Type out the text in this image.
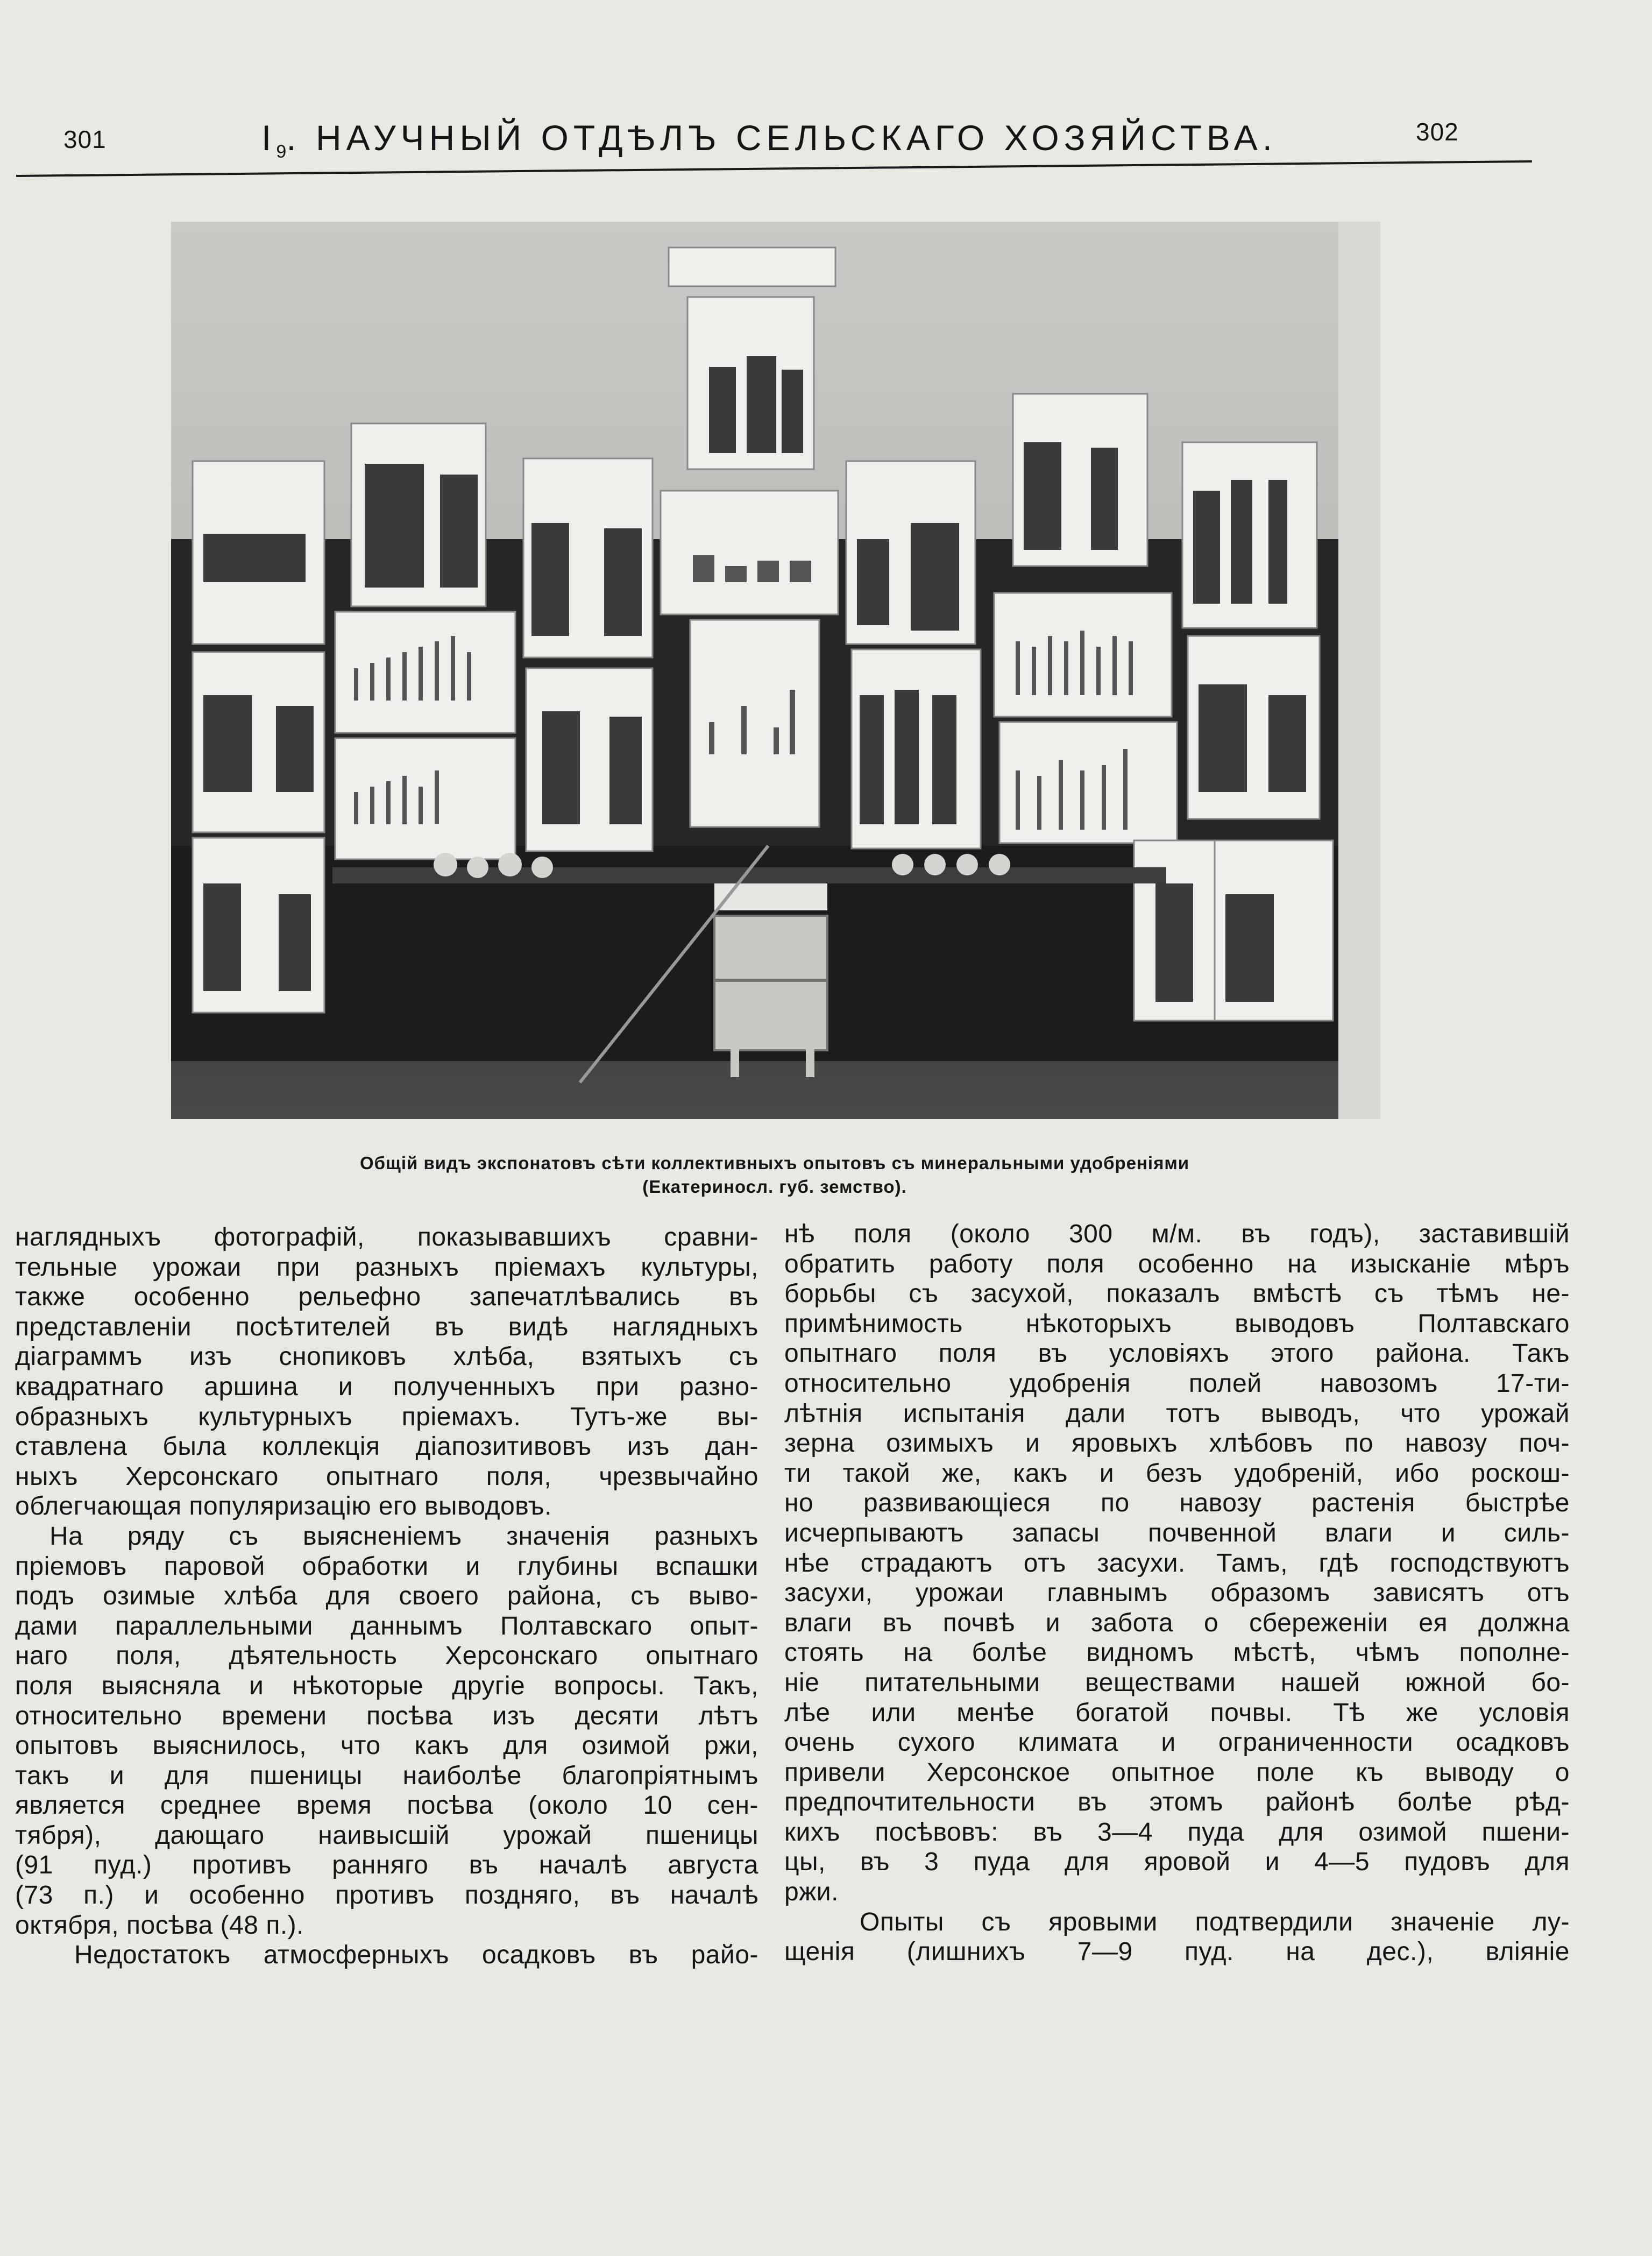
301	$I_9$. НАУЧНЫЙ ОТДѢЛЪ СЕЛЬСКАГО ХОЗЯЙСТВА.	302
Общій видъ экспонатовъ сѣти коллективныхъ опытовъ съ минеральными удобреніями
(Екатериносл. губ. земство).
наглядныхъ фотографій, показывавшихъ сравни-
тельные урожаи при разныхъ пріемахъ культуры,
также особенно рельефно запечатлѣвались въ
представленіи посѣтителей въ видѣ наглядныхъ
діаграммъ изъ снопиковъ хлѣба, взятыхъ съ
квадратнаго аршина и полученныхъ при разно-
образныхъ культурныхъ пріемахъ. Тутъ-же вы-
ставлена была коллекція діапозитивовъ изъ дан-
ныхъ Херсонскаго опытнаго поля, чрезвычайно
облегчающая популяризацію его выводовъ.
На ряду съ выясненіемъ значенія разныхъ
пріемовъ паровой обработки и глубины вспашки
подъ озимые хлѣба для своего района, съ выво-
дами параллельными даннымъ Полтавскаго опыт-
наго поля, дѣятельность Херсонскаго опытнаго
поля выясняла и нѣкоторые другіе вопросы. Такъ,
относительно времени посѣва изъ десяти лѣтъ
опытовъ выяснилось, что какъ для озимой ржи,
такъ и для пшеницы наиболѣе благопріятнымъ
является среднее время посѣва (около 10 сен-
тября), дающаго наивысшій урожай пшеницы
(91 пуд.) противъ ранняго въ началѣ августа
(73 п.) и особенно противъ поздняго, въ началѣ
октября, посѣва (48 п.).
Недостатокъ атмосферныхъ осадковъ въ райо-
нѣ поля (около 300 м/м. въ годъ), заставившій
обратить работу поля особенно на изысканіе мѣръ
борьбы съ засухой, показалъ вмѣстѣ съ тѣмъ не-
примѣнимость нѣкоторыхъ выводовъ Полтавскаго
опытнаго поля въ условіяхъ этого района. Такъ
относительно удобренія полей навозомъ 17-ти-
лѣтнія испытанія дали тотъ выводъ, что урожай
зерна озимыхъ и яровыхъ хлѣбовъ по навозу поч-
ти такой же, какъ и безъ удобреній, ибо роскош-
но развивающіеся по навозу растенія быстрѣе
исчерпываютъ запасы почвенной влаги и силь-
нѣе страдаютъ отъ засухи. Тамъ, гдѣ господствуютъ
засухи, урожаи главнымъ образомъ зависятъ отъ
влаги въ почвѣ и забота о сбереженіи ея должна
стоять на болѣе видномъ мѣстѣ, чѣмъ пополне-
ніе питательными веществами нашей южной бо-
лѣе или менѣе богатой почвы. Тѣ же условія
очень сухого климата и ограниченности осадковъ
привели Херсонское опытное поле къ выводу о
предпочтительности въ этомъ районѣ болѣе рѣд-
кихъ посѣвовъ: въ 3—4 пуда для озимой пшени-
цы, въ 3 пуда для яровой и 4—5 пудовъ для
ржи.
Опыты съ яровыми подтвердили значеніе лу-
щенія (лишнихъ 7—9 пуд. на дес.), вліяніе
